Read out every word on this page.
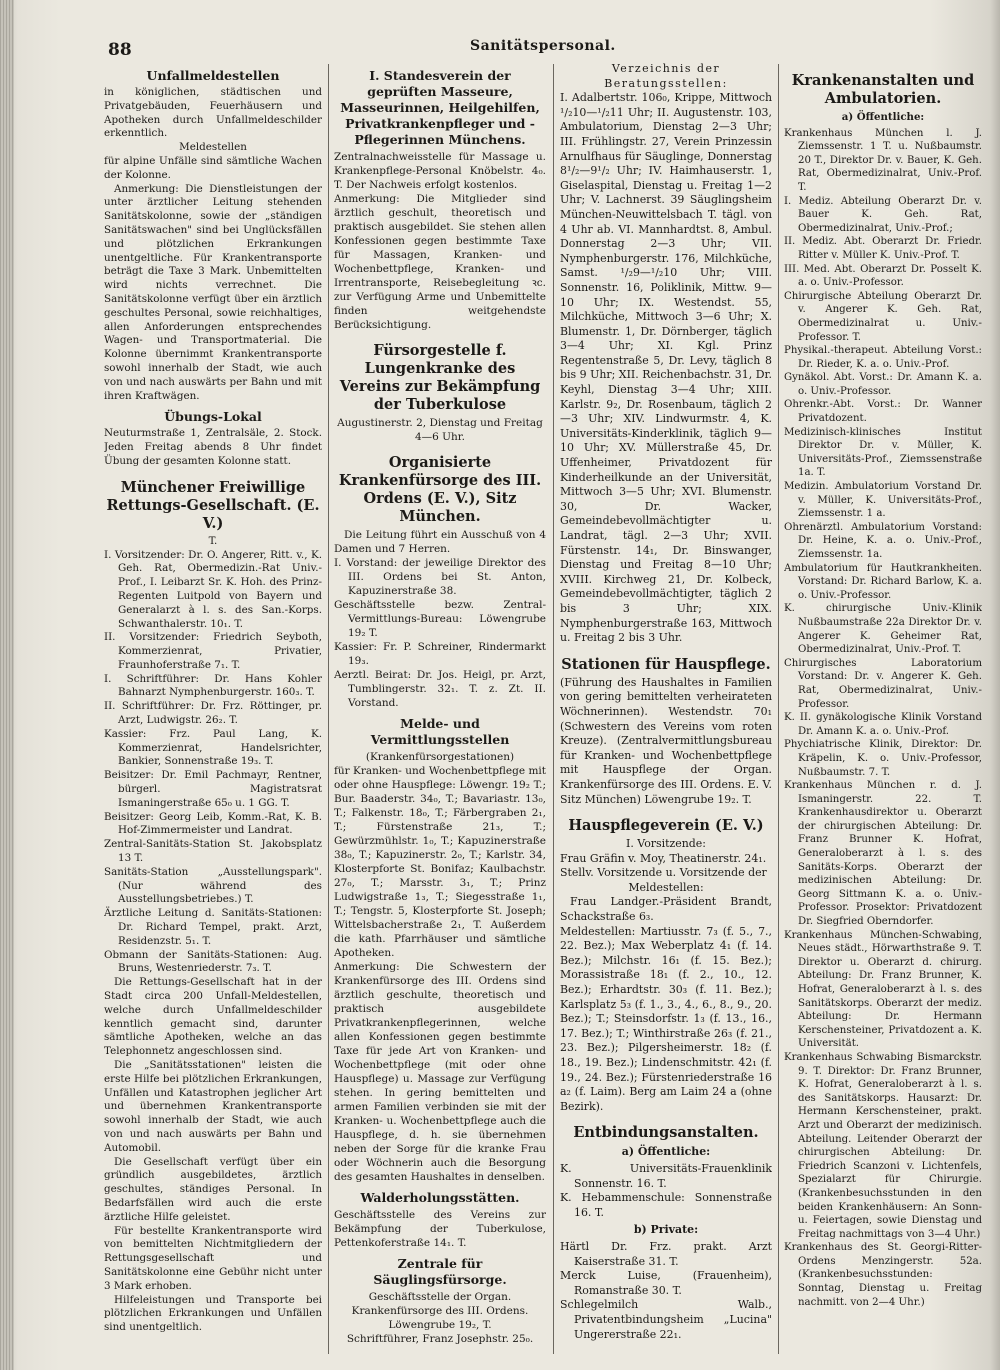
88	Sanitätspersonal.
Unfallmeldestellen

in königlichen, städtischen und Privatgebäuden, Feuerhäusern und Apotheken durch Unfallmeldeschilder erkenntlich.

Meldestellen

für alpine Unfälle sind sämtliche Wachen der Kolonne.

Anmerkung: Die Dienstleistungen der unter ärztlicher Leitung stehenden Sanitätskolonne, sowie der „ständigen Sanitätswachen" sind bei Unglücksfällen und plötzlichen Erkrankungen unentgeltliche. Für Krankentransporte beträgt die Taxe 3 Mark. Unbemittelten wird nichts verrechnet. Die Sanitätskolonne verfügt über ein ärztlich geschultes Personal, sowie reichhaltiges, allen Anforderungen entsprechendes Wagen- und Transportmaterial. Die Kolonne übernimmt Krankentransporte sowohl innerhalb der Stadt, wie auch von und nach auswärts per Bahn und mit ihren Kraftwägen.

Übungs-Lokal

Neuturmstraße 1, Zentralsäle, 2. Stock. Jeden Freitag abends 8 Uhr findet Übung der gesamten Kolonne statt.

Münchener Freiwillige Rettungs-Gesellschaft. (E. V.)
T.

I. Vorsitzender: Dr. O. Angerer, Ritt. v., K. Geh. Rat, Obermedizin.-Rat Univ.-Prof., I. Leibarzt Sr. K. Hoh. des Prinz-Regenten Luitpold von Bayern und Generalarzt à l. s. des San.-Korps. Schwanthalerstr. 10₁. T.

II. Vorsitzender: Friedrich Seyboth, Kommerzienrat, Privatier, Fraunhoferstraße 7₁. T.

I. Schriftführer: Dr. Hans Kohler Bahnarzt Nymphenburgerstr. 160₃. T.

II. Schriftführer: Dr. Frz. Röttinger, pr. Arzt, Ludwigstr. 26₂. T.

Kassier: Frz. Paul Lang, K. Kommerzienrat, Handelsrichter, Bankier, Sonnenstraße 19₃. T.

Beisitzer: Dr. Emil Pachmayr, Rentner, bürgerl. Magistratsrat Ismaningerstraße 65₀ u. 1 GG. T.

Beisitzer: Georg Leib, Komm.-Rat, K. B. Hof-Zimmermeister und Landrat.

Zentral-Sanitäts-Station St. Jakobsplatz 13 T.

Sanitäts-Station „Ausstellungspark". (Nur während des Ausstellungsbetriebes.) T.

Ärztliche Leitung d. Sanitäts-Stationen: Dr. Richard Tempel, prakt. Arzt, Residenzstr. 5₁. T.

Obmann der Sanitäts-Stationen: Aug. Bruns, Westenriederstr. 7₃. T.

Die Rettungs-Gesellschaft hat in der Stadt circa 200 Unfall-Meldestellen, welche durch Unfallmeldeschilder kenntlich gemacht sind, darunter sämtliche Apotheken, welche an das Telephonnetz angeschlossen sind.

Die „Sanitätsstationen" leisten die erste Hilfe bei plötzlichen Erkrankungen, Unfällen und Katastrophen jeglicher Art und übernehmen Krankentransporte sowohl innerhalb der Stadt, wie auch von und nach auswärts per Bahn und Automobil.

Die Gesellschaft verfügt über ein gründlich ausgebildetes, ärztlich geschultes, ständiges Personal. In Bedarfsfällen wird auch die erste ärztliche Hilfe geleistet.

Für bestellte Krankentransporte wird von bemittelten Nichtmitgliedern der Rettungsgesellschaft und Sanitätskolonne eine Gebühr nicht unter 3 Mark erhoben.

Hilfeleistungen und Transporte bei plötzlichen Erkrankungen und Unfällen sind unentgeltlich.

I. Standesverein der geprüften Masseure, Masseurinnen, Heilgehilfen, Privatkrankenpfleger und -Pflegerinnen Münchens.

Zentralnachweisstelle für Massage u. Krankenpflege-Personal Knöbelstr. 4₀. T. Der Nachweis erfolgt kostenlos.

Anmerkung: Die Mitglieder sind ärztlich geschult, theoretisch und praktisch ausgebildet. Sie stehen allen Konfessionen gegen bestimmte Taxe für Massagen, Kranken- und Wochenbettpflege, Kranken- und Irrentransporte, Reisebegleitung ꝛc. zur Verfügung Arme und Unbemittelte finden weitgehendste Berücksichtigung.

Fürsorgestelle f. Lungenkranke des Vereins zur Bekämpfung der Tuberkulose
Augustinerstr. 2, Dienstag und Freitag 4—6 Uhr.
Organisierte Krankenfürsorge des III. Ordens (E. V.), Sitz München.

Die Leitung führt ein Ausschuß von 4 Damen und 7 Herren.

I. Vorstand: der jeweilige Direktor des III. Ordens bei St. Anton, Kapuzinerstraße 38.

Geschäftsstelle bezw. Zentral-Vermittlungs-Bureau: Löwengrube 19₂ T.

Kassier: Fr. P. Schreiner, Rindermarkt 19₃.

Aerztl. Beirat: Dr. Jos. Heigl, pr. Arzt, Tumblingerstr. 32₁. T. z. Zt. II. Vorstand.

Melde- und Vermittlungsstellen
(Krankenfürsorgestationen)

für Kranken- und Wochenbettpflege mit oder ohne Hauspflege: Löwengr. 19₂ T.; Bur. Baaderstr. 34₀, T.; Bavariastr. 13₀, T.; Falkenstr. 18₀, T.; Färbergraben 2₁, T.; Fürstenstraße 21₃, T.; Gewürzmühlstr. 1₀, T.; Kapuzinerstraße 38₀, T.; Kapuzinerstr. 2₀, T.; Karlstr. 34, Klosterpforte St. Bonifaz; Kaulbachstr. 27₀, T.; Marsstr. 3₁, T.; Prinz Ludwigstraße 1₃, T.; Siegesstraße 1₁, T.; Tengstr. 5, Klosterpforte St. Joseph; Wittelsbacherstraße 2₁, T. Außerdem die kath. Pfarrhäuser und sämtliche Apotheken.

Anmerkung: Die Schwestern der Krankenfürsorge des III. Ordens sind ärztlich geschulte, theoretisch und praktisch ausgebildete Privatkrankenpflegerinnen, welche allen Konfessionen gegen bestimmte Taxe für jede Art von Kranken- und Wochenbettpflege (mit oder ohne Hauspflege) u. Massage zur Verfügung stehen. In gering bemittelten und armen Familien verbinden sie mit der Kranken- u. Wochenbettpflege auch die Hauspflege, d. h. sie übernehmen neben der Sorge für die kranke Frau oder Wöchnerin auch die Besorgung des gesamten Haushaltes in denselben.

Walderholungsstätten.

Geschäftsstelle des Vereins zur Bekämpfung der Tuberkulose, Pettenkoferstraße 14₁. T.

Zentrale für Säuglingsfürsorge.
Geschäftsstelle der Organ. Krankenfürsorge des III. Ordens.
Löwengrube 19₂, T.
Schriftführer, Franz Josephstr. 25₀.
Verzeichnis der Beratungsstellen:

I. Adalbertstr. 106₀, Krippe, Mittwoch ¹/₂10—¹/₂11 Uhr; II. Augustenstr. 103, Ambulatorium, Dienstag 2—3 Uhr; III. Frühlingstr. 27, Verein Prinzessin Arnulfhaus für Säuglinge, Donnerstag 8¹/₂—9¹/₂ Uhr; IV. Haimhauserstr. 1, Giselaspital, Dienstag u. Freitag 1—2 Uhr; V. Lachnerst. 39 Säuglingsheim München-Neuwittelsbach T. tägl. von 4 Uhr ab. VI. Mannhardtst. 8, Ambul. Donnerstag 2—3 Uhr; VII. Nymphenburgerstr. 176, Milchküche, Samst. ¹/₂9—¹/₂10 Uhr; VIII. Sonnenstr. 16, Poliklinik, Mittw. 9—10 Uhr; IX. Westendst. 55, Milchküche, Mittwoch 3—6 Uhr; X. Blumenstr. 1, Dr. Dörnberger, täglich 3—4 Uhr; XI. Kgl. Prinz Regentenstraße 5, Dr. Levy, täglich 8 bis 9 Uhr; XII. Reichenbachstr. 31, Dr. Keyhl, Dienstag 3—4 Uhr; XIII. Karlstr. 9₂, Dr. Rosenbaum, täglich 2—3 Uhr; XIV. Lindwurmstr. 4, K. Universitäts-Kinderklinik, täglich 9—10 Uhr; XV. Müllerstraße 45, Dr. Uffenheimer, Privatdozent für Kinderheilkunde an der Universität, Mittwoch 3—5 Uhr; XVI. Blumenstr. 30, Dr. Wacker, Gemeindebevollmächtigter u. Landrat, tägl. 2—3 Uhr; XVII. Fürstenstr. 14₁, Dr. Binswanger, Dienstag und Freitag 8—10 Uhr; XVIII. Kirchweg 21, Dr. Kolbeck, Gemeindebevollmächtigter, täglich 2 bis 3 Uhr; XIX. Nymphenburgerstraße 163, Mittwoch u. Freitag 2 bis 3 Uhr.

Stationen für Hauspflege.

(Führung des Haushaltes in Familien von gering bemittelten verheirateten Wöchnerinnen). Westendstr. 70₁ (Schwestern des Vereins vom roten Kreuze). (Zentralvermittlungsbureau für Kranken- und Wochenbettpflege mit Hauspflege der Organ. Krankenfürsorge des III. Ordens. E. V. Sitz München) Löwengrube 19₂. T.

Hauspflegeverein (E. V.)
I. Vorsitzende:

Frau Gräfin v. Moy, Theatinerstr. 24₁.

Stellv. Vorsitzende u. Vorsitzende der

Meldestellen:

Frau Landger.-Präsident Brandt, Schackstraße 6₃.

Meldestellen: Martiusstr. 7₃ (f. 5., 7., 22. Bez.); Max Weberplatz 4₁ (f. 14. Bez.); Milchstr. 16₁ (f. 15. Bez.); Morassistraße 18₁ (f. 2., 10., 12. Bez.); Erhardtstr. 30₃ (f. 11. Bez.); Karlsplatz 5₃ (f. 1., 3., 4., 6., 8., 9., 20. Bez.); T.; Steinsdorfstr. 1₃ (f. 13., 16., 17. Bez.); T.; Winthirstraße 26₃ (f. 21., 23. Bez.); Pilgersheimerstr. 18₂ (f. 18., 19. Bez.); Lindenschmitstr. 42₁ (f. 19., 24. Bez.); Fürstenriederstraße 16 a₂ (f. Laim). Berg am Laim 24 a (ohne Bezirk).

Entbindungsanstalten.
a) Öffentliche:

K. Universitäts-Frauenklinik Sonnenstr. 16. T.

K. Hebammenschule: Sonnenstraße 16. T.

b) Private:

Härtl Dr. Frz. prakt. Arzt Kaiserstraße 31. T.

Merck Luise, (Frauenheim), Romanstraße 30. T.

Schlegelmilch Walb., Privatentbindungsheim „Lucina" Ungererstraße 22₁.

Krankenanstalten und Ambulatorien.
a) Öffentliche:

Krankenhaus München l. J. Ziemssenstr. 1 T. u. Nußbaumstr. 20 T., Direktor Dr. v. Bauer, K. Geh. Rat, Obermedizinalrat, Univ.-Prof. T.

I. Mediz. Abteilung Oberarzt Dr. v. Bauer K. Geh. Rat, Obermedizinalrat, Univ.-Prof.;

II. Mediz. Abt. Oberarzt Dr. Friedr. Ritter v. Müller K. Univ.-Prof. T.

III. Med. Abt. Oberarzt Dr. Posselt K. a. o. Univ.-Professor.

Chirurgische Abteilung Oberarzt Dr. v. Angerer K. Geh. Rat, Obermedizinalrat u. Univ.-Professor. T.

Physikal.-therapeut. Abteilung Vorst.: Dr. Rieder, K. a. o. Univ.-Prof.

Gynäkol. Abt. Vorst.: Dr. Amann K. a. o. Univ.-Professor.

Ohrenkr.-Abt. Vorst.: Dr. Wanner Privatdozent.

Medizinisch-klinisches Institut Direktor Dr. v. Müller, K. Universitäts-Prof., Ziemssenstraße 1a. T.

Medizin. Ambulatorium Vorstand Dr. v. Müller, K. Universitäts-Prof., Ziemssenstr. 1 a.

Ohrenärztl. Ambulatorium Vorstand: Dr. Heine, K. a. o. Univ.-Prof., Ziemssenstr. 1a.

Ambulatorium für Hautkrankheiten. Vorstand: Dr. Richard Barlow, K. a. o. Univ.-Professor.

K. chirurgische Univ.-Klinik Nußbaumstraße 22a Direktor Dr. v. Angerer K. Geheimer Rat, Obermedizinalrat, Univ.-Prof. T.

Chirurgisches Laboratorium Vorstand: Dr. v. Angerer K. Geh. Rat, Obermedizinalrat, Univ.-Professor.

K. II. gynäkologische Klinik Vorstand Dr. Amann K. a. o. Univ.-Prof.

Phychiatrische Klinik, Direktor: Dr. Kräpelin, K. o. Univ.-Professor, Nußbaumstr. 7. T.

Krankenhaus München r. d. J. Ismaningerstr. 22. T. Krankenhausdirektor u. Oberarzt der chirurgischen Abteilung: Dr. Franz Brunner K. Hofrat, Generaloberarzt à l. s. des Sanitäts-Korps. Oberarzt der medizinischen Abteilung: Dr. Georg Sittmann K. a. o. Univ.-Professor. Prosektor: Privatdozent Dr. Siegfried Oberndorfer.

Krankenhaus München-Schwabing, Neues städt., Hörwarthstraße 9. T. Direktor u. Oberarzt d. chirurg. Abteilung: Dr. Franz Brunner, K. Hofrat, Generaloberarzt à l. s. des Sanitätskorps. Oberarzt der mediz. Abteilung: Dr. Hermann Kerschensteiner, Privatdozent a. K. Universität.

Krankenhaus Schwabing Bismarckstr. 9. T. Direktor: Dr. Franz Brunner, K. Hofrat, Generaloberarzt à l. s. des Sanitätskorps. Hausarzt: Dr. Hermann Kerschensteiner, prakt. Arzt und Oberarzt der medizinisch. Abteilung. Leitender Oberarzt der chirurgischen Abteilung: Dr. Friedrich Scanzoni v. Lichtenfels, Spezialarzt für Chirurgie. (Krankenbesuchsstunden in den beiden Krankenhäusern: An Sonn- u. Feiertagen, sowie Dienstag und Freitag nachmittags von 3—4 Uhr.)

Krankenhaus des St. Georgi-Ritter-Ordens Menzingerstr. 52a. (Krankenbesuchsstunden: Sonntag, Dienstag u. Freitag nachmitt. von 2—4 Uhr.)
